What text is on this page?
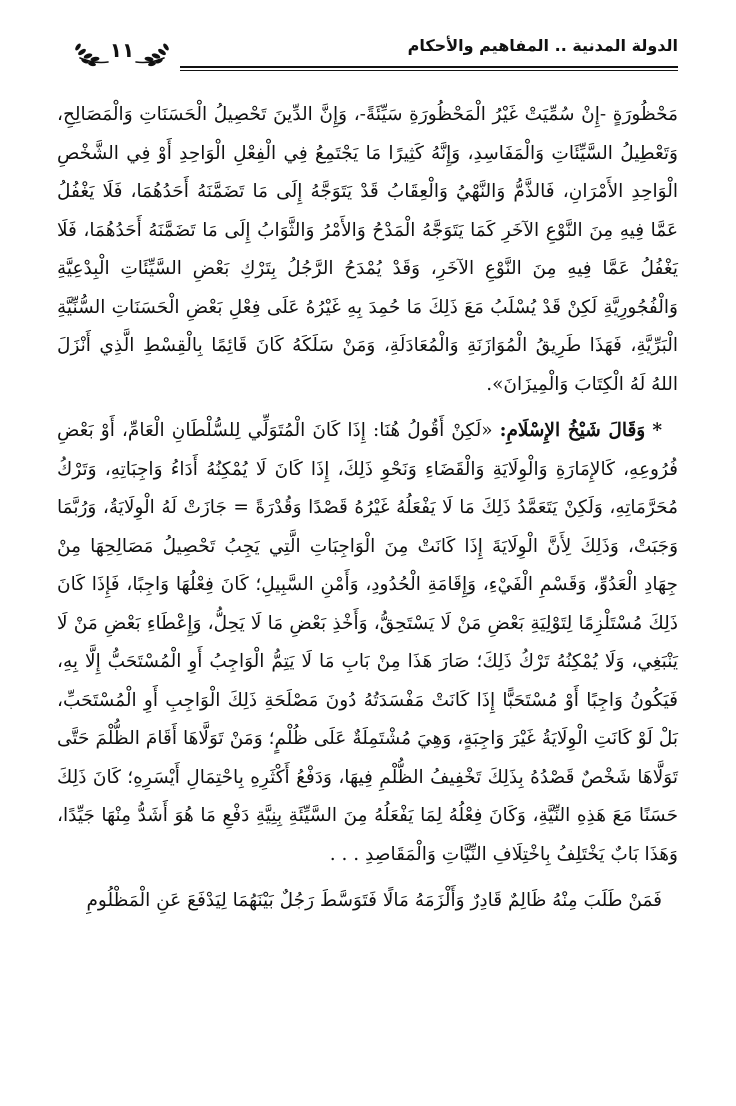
الدولة المدنية .. المفاهيم والأحكام
١١

مَحْظُورَةٍ -إِنْ سُمِّيَتْ غَيْرُ الْمَحْظُورَةِ سَيِّئَةً-، وَإِنَّ الدِّينَ تَحْصِيلُ الْحَسَنَاتِ وَالْمَصَالِحِ، وَتَعْطِيلُ السَّيِّئَاتِ وَالْمَفَاسِدِ، وَإِنَّهُ كَثِيرًا مَا يَجْتَمِعُ فِي الْفِعْلِ الْوَاحِدِ أَوْ فِي الشَّخْصِ الْوَاحِدِ الأَمْرَانِ، فَالذَّمُّ وَالنَّهْيُ وَالْعِقَابُ قَدْ يَتَوَجَّهُ إِلَى مَا تَضَمَّنَهُ أَحَدُهُمَا، فَلَا يَغْفُلُ عَمَّا فِيهِ مِنَ النَّوْعِ الآخَرِ كَمَا يَتَوَجَّهُ الْمَدْحُ وَالأَمْرُ وَالثَّوَابُ إِلَى مَا تَضَمَّنَهُ أَحَدُهُمَا، فَلَا يَغْفُلُ عَمَّا فِيهِ مِنَ النَّوْعِ الآخَرِ، وَقَدْ يُمْدَحُ الرَّجُلُ بِتَرْكِ بَعْضِ السَّيِّئَاتِ الْبِدْعِيَّةِ وَالْفُجُورِيَّةِ لَكِنْ قَدْ يُسْلَبُ مَعَ ذَلِكَ مَا حُمِدَ بِهِ غَيْرُهُ عَلَى فِعْلِ بَعْضِ الْحَسَنَاتِ السُّنِّيَّةِ الْبَرِّيَّةِ، فَهَذَا طَرِيقُ الْمُوَازَنَةِ وَالْمُعَادَلَةِ، وَمَنْ سَلَكَهُ كَانَ قَائِمًا بِالْقِسْطِ الَّذِي أَنْزَلَ اللهُ لَهُ الْكِتَابَ وَالْمِيزَانَ».

* وَقَالَ شَيْخُ الإِسْلَامِ: «لَكِنْ أَقُولُ هُنَا: إِذَا كَانَ الْمُتَوَلِّي لِلسُّلْطَانِ الْعَامِّ، أَوْ بَعْضِ فُرُوعِهِ، كَالإِمَارَةِ وَالْوِلَايَةِ وَالْقَضَاءِ وَنَحْوِ ذَلِكَ، إِذَا كَانَ لَا يُمْكِنُهُ أَدَاءُ وَاجِبَاتِهِ، وَتَرْكُ مُحَرَّمَاتِهِ، وَلَكِنْ يَتَعَمَّدُ ذَلِكَ مَا لَا يَفْعَلُهُ غَيْرُهُ قَصْدًا وَقُدْرَةً = جَازَتْ لَهُ الْوِلَايَةُ، وَرُبَّمَا وَجَبَتْ، وَذَلِكَ لِأَنَّ الْوِلَايَةَ إِذَا كَانَتْ مِنَ الْوَاجِبَاتِ الَّتِي يَجِبُ تَحْصِيلُ مَصَالِحِهَا مِنْ جِهَادِ الْعَدُوِّ، وَقَسْمِ الْفَيْءِ، وَإِقَامَةِ الْحُدُودِ، وَأَمْنِ السَّبِيلِ؛ كَانَ فِعْلُهَا وَاجِبًا، فَإِذَا كَانَ ذَلِكَ مُسْتَلْزِمًا لِتَوْلِيَةِ بَعْضِ مَنْ لَا يَسْتَحِقُّ، وَأَخْذِ بَعْضِ مَا لَا يَحِلُّ، وَإِعْطَاءِ بَعْضِ مَنْ لَا يَنْبَغِي، وَلَا يُمْكِنُهُ تَرْكُ ذَلِكَ؛ صَارَ هَذَا مِنْ بَابِ مَا لَا يَتِمُّ الْوَاجِبُ أَوِ الْمُسْتَحَبُّ إِلَّا بِهِ، فَيَكُونُ وَاجِبًا أَوْ مُسْتَحَبًّا إِذَا كَانَتْ مَفْسَدَتُهُ دُونَ مَصْلَحَةِ ذَلِكَ الْوَاجِبِ أَوِ الْمُسْتَحَبِّ، بَلْ لَوْ كَانَتِ الْوِلَايَةُ غَيْرَ وَاجِبَةٍ، وَهِيَ مُشْتَمِلَةٌ عَلَى ظُلْمٍ؛ وَمَنْ تَوَلَّاهَا أَقَامَ الظُّلْمَ حَتَّى تَوَلَّاهَا شَخْصٌ قَصْدُهُ بِذَلِكَ تَخْفِيفُ الظُّلْمِ فِيهَا، وَدَفْعُ أَكْثَرِهِ بِاحْتِمَالِ أَيْسَرِهِ؛ كَانَ ذَلِكَ حَسَنًا مَعَ هَذِهِ النِّيَّةِ، وَكَانَ فِعْلُهُ لِمَا يَفْعَلُهُ مِنَ السَّيِّئَةِ بِنِيَّةِ دَفْعِ مَا هُوَ أَشَدُّ مِنْهَا جَيِّدًا، وَهَذَا بَابٌ يَخْتَلِفُ بِاخْتِلَافِ النِّيَّاتِ وَالْمَقَاصِدِ . . .

فَمَنْ طَلَبَ مِنْهُ ظَالِمٌ قَادِرٌ وَأَلْزَمَهُ مَالًا فَتَوَسَّطَ رَجُلٌ بَيْنَهُمَا لِيَدْفَعَ عَنِ الْمَظْلُومِ
